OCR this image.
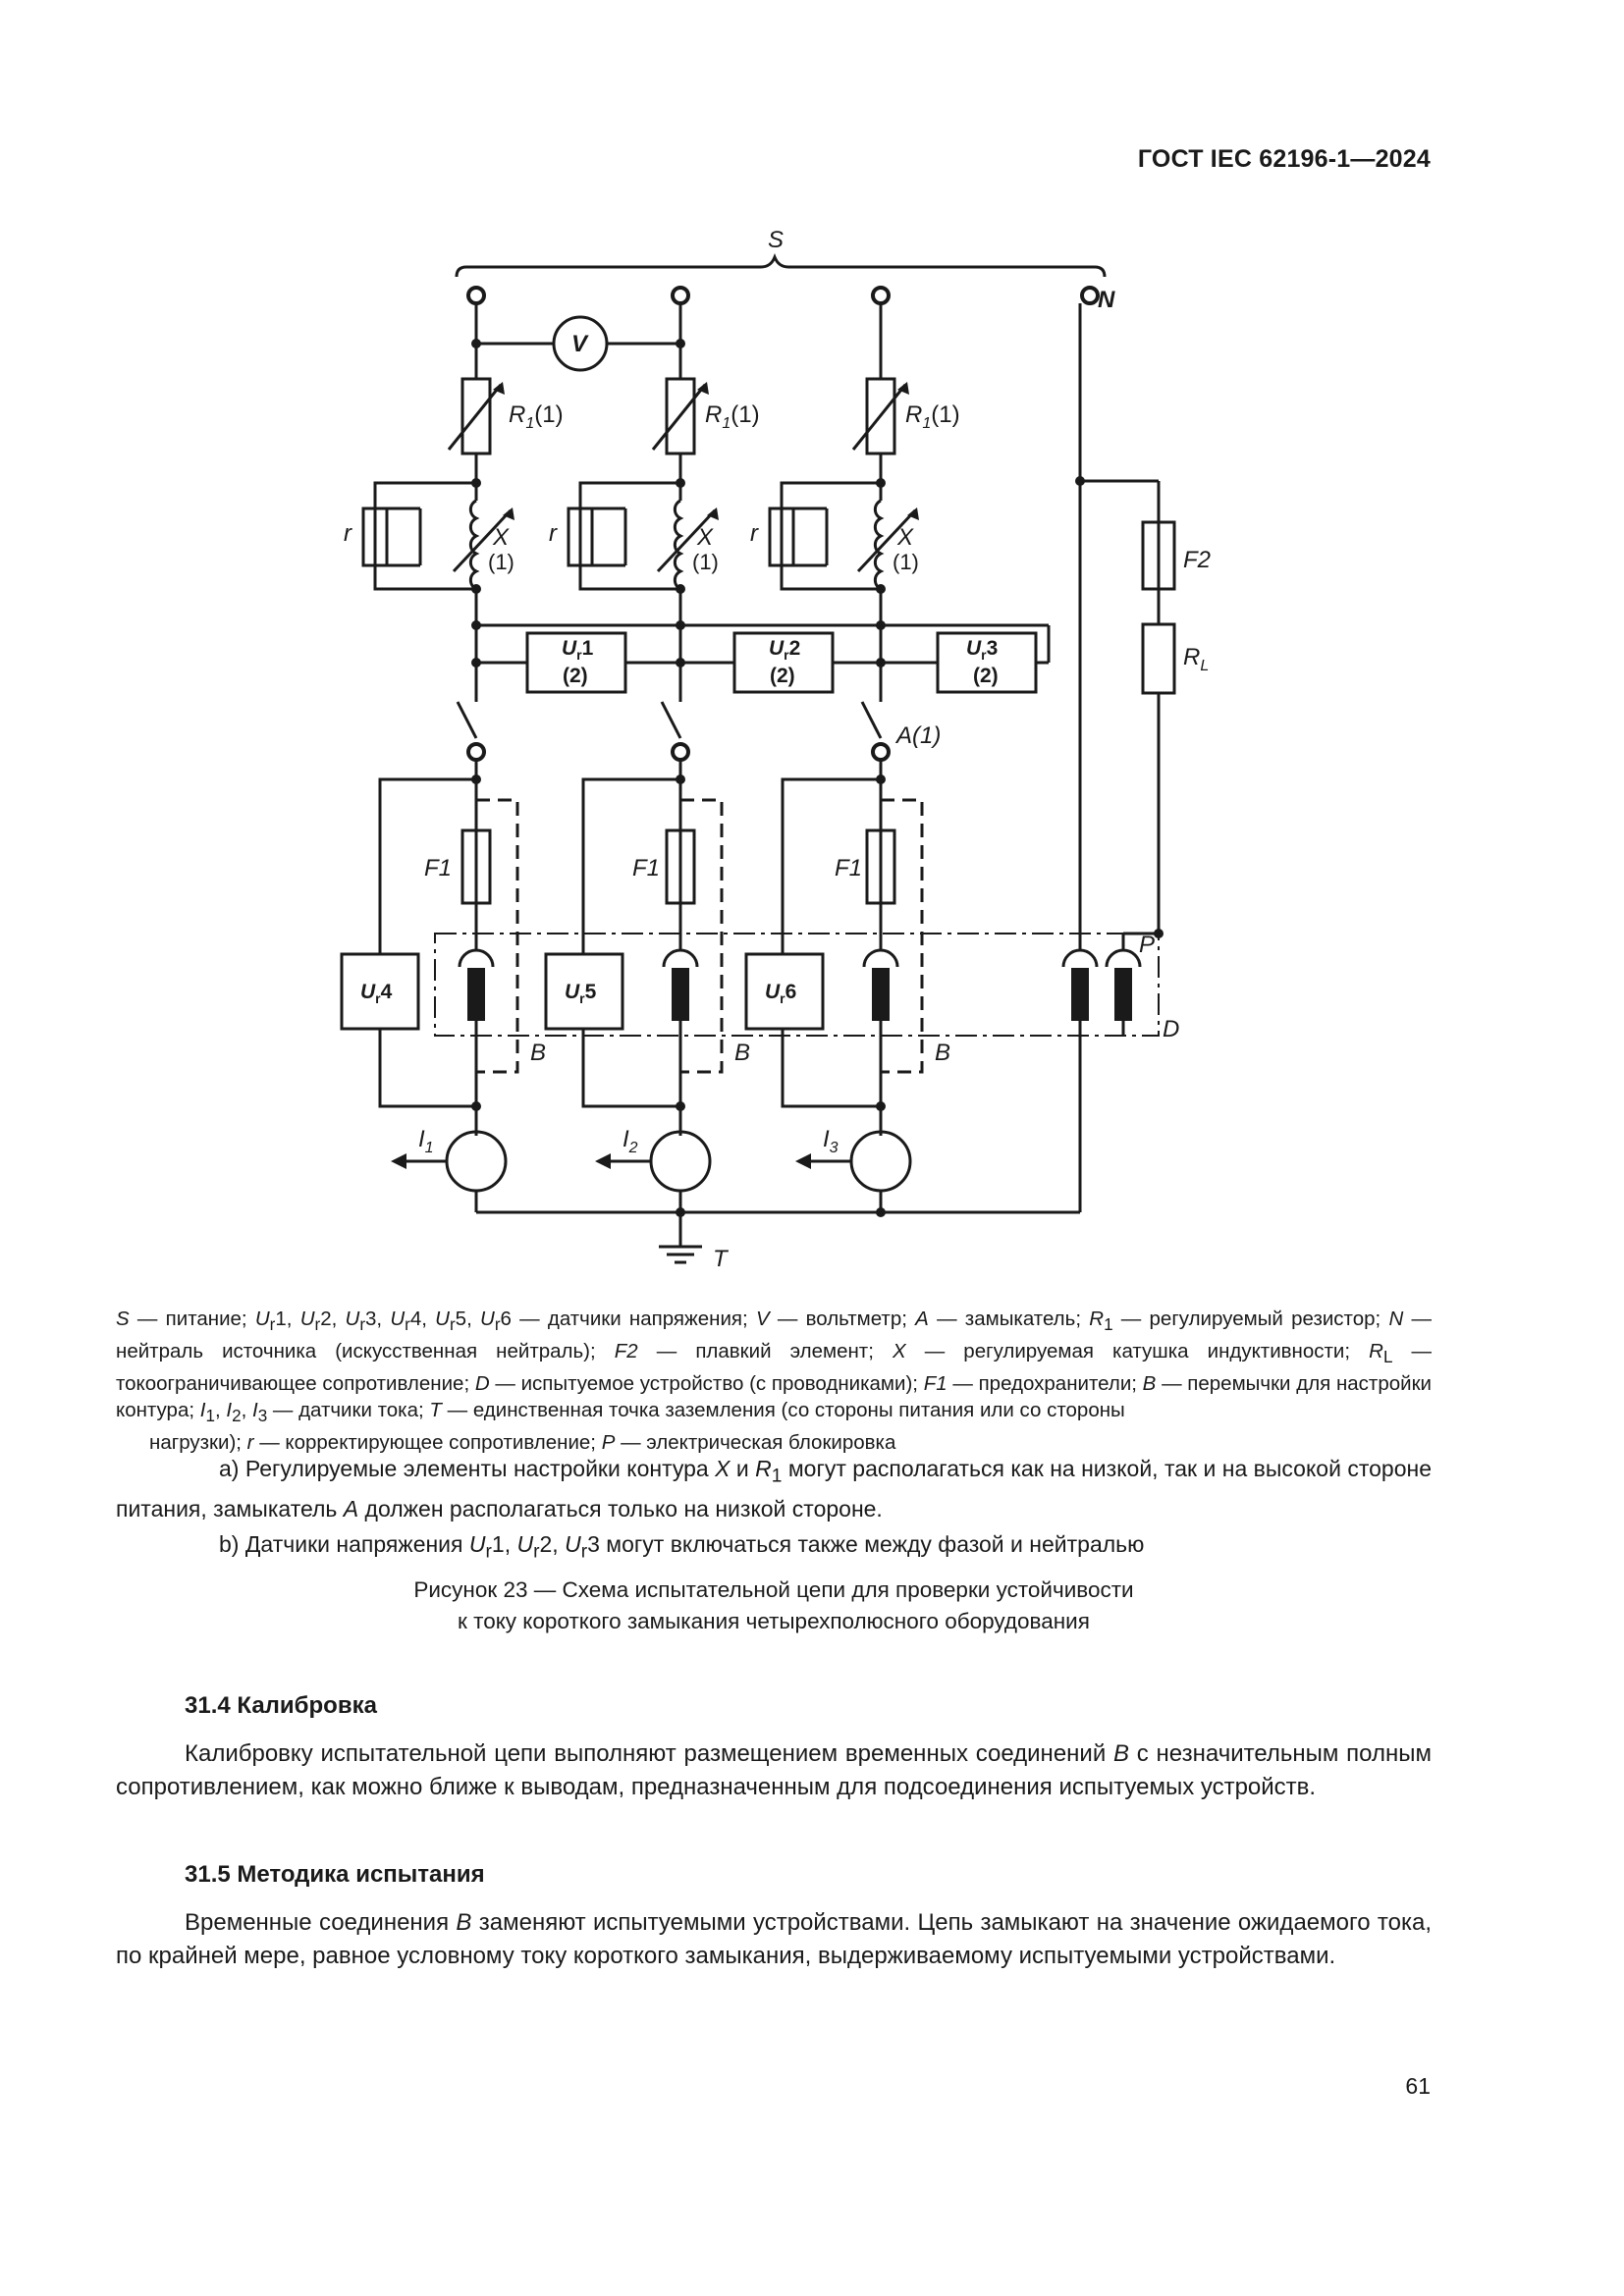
ГОСТ IEC 62196-1—2024
S
N
V
$R_1(1)$	$R_1(1)$	$R_1(1)$
r	r	r
X	X	X
(1)	(1)	(1)
$U_r1$
(2)
$U_r2$
(2)
$U_r3$
(2)
$U_r4$	$U_r5$	$U_r6$
A(1)
F1	F1	F1
F2
$R_L$
B	B	B
P
D
$I_1$	$I_2$	$I_3$
T
S — питание; $U_r1$, $U_r2$, $U_r3$, $U_r4$, $U_r5$, $U_r6$ — датчики напряжения; V — вольтметр; A — замыкатель; $R_1$ — регулируемый резистор; N — нейтраль источника (искусственная нейтраль); F2 — плавкий элемент; X — регулируемая катушка индуктивности; $R_L$ — токоограничивающее сопротивление; D — испытуемое устройство (с проводниками); F1 — предохранители; B — перемычки для настройки контура; $I_1$, $I_2$, $I_3$ — датчики тока; T — единственная точка заземления (со стороны питания или со стороны
нагрузки); r — корректирующее сопротивление; P — электрическая блокировка

a) Регулируемые элементы настройки контура X и $R_1$ могут располагаться как на низкой, так и на высокой стороне питания, замыкатель A должен располагаться только на низкой стороне.

b) Датчики напряжения $U_r1$, $U_r2$, $U_r3$ могут включаться также между фазой и нейтралью

Рисунок 23 — Схема испытательной цепи для проверки устойчивости
к току короткого замыкания четырехполюсного оборудования
31.4 Калибровка

Калибровку испытательной цепи выполняют размещением временных соединений B с незначительным полным сопротивлением, как можно ближе к выводам, предназначенным для подсоединения испытуемых устройств.

31.5 Методика испытания

Временные соединения B заменяют испытуемыми устройствами. Цепь замыкают на значение ожидаемого тока, по крайней мере, равное условному току короткого замыкания, выдерживаемому испытуемыми устройствами.

61
